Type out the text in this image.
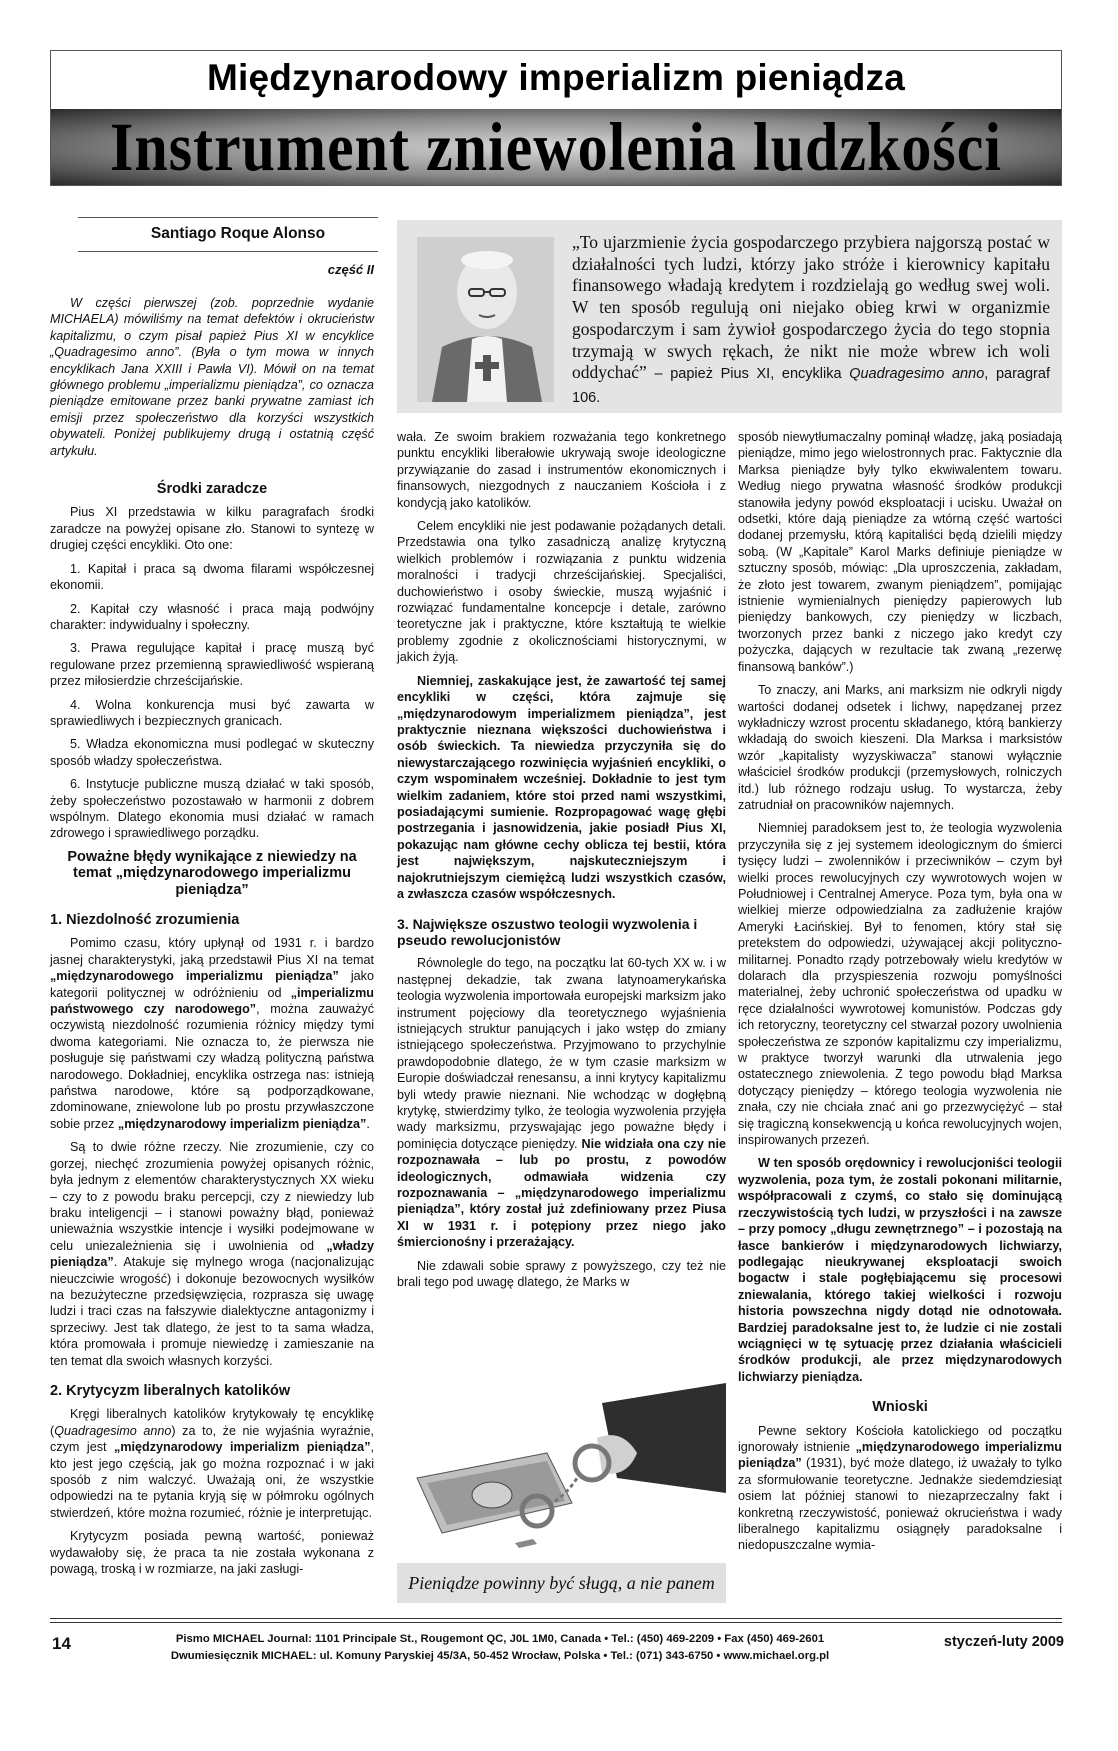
Międzynarodowy imperializm pieniądza
Instrument zniewolenia ludzkości
Santiago Roque Alonso
część II

W części pierwszej (zob. poprzednie wydanie MICHAELA) mówiliśmy na temat defektów i okrucieństw kapitalizmu, o czym pisał papież Pius XI w encyklice „Quadragesimo anno”. (Była o tym mowa w innych encyklikach Jana XXIII i Pawła VI). Mówił on na temat głównego problemu „imperializmu pieniądza”, co oznacza pieniądze emitowane przez banki prywatne zamiast ich emisji przez społeczeństwo dla korzyści wszystkich obywateli. Poniżej publikujemy drugą i ostatnią część artykułu.

Środki zaradcze

Pius XI przedstawia w kilku paragrafach środki zaradcze na powyżej opisane zło. Stanowi to syntezę w drugiej części encykliki. Oto one:

1. Kapitał i praca są dwoma filarami współczesnej ekonomii.

2. Kapitał czy własność i praca mają podwójny charakter: indywidualny i społeczny.

3. Prawa regulujące kapitał i pracę muszą być regulowane przez przemienną sprawiedliwość wspieraną przez miłosierdzie chrześcijańskie.

4. Wolna konkurencja musi być zawarta w sprawiedliwych i bezpiecznych granicach.

5. Władza ekonomiczna musi podlegać w skuteczny sposób władzy społeczeństwa.

6. Instytucje publiczne muszą działać w taki sposób, żeby społeczeństwo pozostawało w harmonii z dobrem wspólnym. Dlatego ekonomia musi działać w ramach zdrowego i sprawiedliwego porządku.

Poważne błędy wynikające z niewiedzy na temat „międzynarodowego imperializmu pieniądza”
1. Niezdolność zrozumienia

Pomimo czasu, który upłynął od 1931 r. i bardzo jasnej charakterystyki, jaką przedstawił Pius XI na temat „międzynarodowego imperializmu pieniądza” jako kategorii politycznej w odróżnieniu od „imperializmu państwowego czy narodowego”, można zauważyć oczywistą niezdolność rozumienia różnicy między tymi dwoma kategoriami. Nie oznacza to, że pierwsza nie posługuje się państwami czy władzą polityczną państwa narodowego. Dokładniej, encyklika ostrzega nas: istnieją państwa narodowe, które są podporządkowane, zdominowane, zniewolone lub po prostu przywłaszczone sobie przez „międzynarodowy imperializm pieniądza”.

Są to dwie różne rzeczy. Nie zrozumienie, czy co gorzej, niechęć zrozumienia powyżej opisanych różnic, była jednym z elementów charakterystycznych XX wieku – czy to z powodu braku percepcji, czy z niewiedzy lub braku inteligencji – i stanowi poważny błąd, ponieważ unieważnia wszystkie intencje i wysiłki podejmowane w celu uniezależnienia się i uwolnienia od „władzy pieniądza”. Atakuje się mylnego wroga (nacjonalizując nieuczciwie wrogość) i dokonuje bezowocnych wysiłków na bezużyteczne przedsięwzięcia, rozprasza się uwagę ludzi i traci czas na fałszywie dialektyczne antagonizmy i sprzeciwy. Jest tak dlatego, że jest to ta sama władza, która promowała i promuje niewiedzę i zamieszanie na ten temat dla swoich własnych korzyści.

2. Krytycyzm liberalnych katolików

Kręgi liberalnych katolików krytykowały tę encyklikę (Quadragesimo anno) za to, że nie wyjaśnia wyraźnie, czym jest „międzynarodowy imperializm pieniądza”, kto jest jego częścią, jak go można rozpoznać i w jaki sposób z nim walczyć. Uważają oni, że wszystkie odpowiedzi na te pytania kryją się w półmroku ogólnych stwierdzeń, które można rozumieć, różnie je interpretując.

Krytycyzm posiada pewną wartość, ponieważ wydawałoby się, że praca ta nie została wykonana z powagą, troską i w rozmiarze, na jaki zasługi-

„To ujarzmienie życia gospodarczego przybiera najgorszą postać w działalności tych ludzi, którzy jako stróże i kierownicy kapitału finansowego władają kredytem i rozdzielają go według swej woli. W ten sposób regulują oni niejako obieg krwi w organizmie gospodarczym i sam żywioł gospodarczego życia do tego stopnia trzymają w swych rękach, że nikt nie może wbrew ich woli oddychać” – papież Pius XI, encyklika Quadragesimo anno, paragraf 106.

wała. Ze swoim brakiem rozważania tego konkretnego punktu encykliki liberałowie ukrywają swoje ideologiczne przywiązanie do zasad i instrumentów ekonomicznych i finansowych, niezgodnych z nauczaniem Kościoła i z kondycją jako katolików.

Celem encykliki nie jest podawanie pożądanych detali. Przedstawia ona tylko zasadniczą analizę krytyczną wielkich problemów i rozwiązania z punktu widzenia moralności i tradycji chrześcijańskiej. Specjaliści, duchowieństwo i osoby świeckie, muszą wyjaśnić i rozwiązać fundamentalne koncepcje i detale, zarówno teoretyczne jak i praktyczne, które kształtują te wielkie problemy zgodnie z okolicznościami historycznymi, w jakich żyją.

Niemniej, zaskakujące jest, że zawartość tej samej encykliki w części, która zajmuje się „międzynarodowym imperializmem pieniądza”, jest praktycznie nieznana większości duchowieństwa i osób świeckich. Ta niewiedza przyczyniła się do niewystarczającego rozwinięcia wyjaśnień encykliki, o czym wspominałem wcześniej. Dokładnie to jest tym wielkim zadaniem, które stoi przed nami wszystkimi, posiadającymi sumienie. Rozpropagować wagę głębi postrzegania i jasnowidzenia, jakie posiadł Pius XI, pokazując nam główne cechy oblicza tej bestii, która jest największym, najskuteczniejszym i najokrutniejszym ciemiężcą ludzi wszystkich czasów, a zwłaszcza czasów współczesnych.

3. Największe oszustwo teologii wyzwolenia i pseudo rewolucjonistów

Równolegle do tego, na początku lat 60-tych XX w. i w następnej dekadzie, tak zwana latynoamerykańska teologia wyzwolenia importowała europejski marksizm jako instrument pojęciowy dla teoretycznego wyjaśnienia istniejących struktur panujących i jako wstęp do zmiany istniejącego społeczeństwa. Przyjmowano to przychylnie prawdopodobnie dlatego, że w tym czasie marksizm w Europie doświadczał renesansu, a inni krytycy kapitalizmu byli wtedy prawie nieznani. Nie wchodząc w dogłębną krytykę, stwierdzimy tylko, że teologia wyzwolenia przyjęła wady marksizmu, przyswajając jego poważne błędy i pominięcia dotyczące pieniędzy. Nie widziała ona czy nie rozpoznawała – lub po prostu, z powodów ideologicznych, odmawiała widzenia czy rozpoznawania – „międzynarodowego imperializmu pieniądza”, który został już zdefiniowany przez Piusa XI w 1931 r. i potępiony przez niego jako śmiercionośny i przerażający.

Nie zdawali sobie sprawy z powyższego, czy też nie brali tego pod uwagę dlatego, że Marks w

Pieniądze powinny być sługą, a nie panem

sposób niewytłumaczalny pominął władzę, jaką posiadają pieniądze, mimo jego wielostronnych prac. Faktycznie dla Marksa pieniądze były tylko ekwiwalentem towaru. Według niego prywatna własność środków produkcji stanowiła jedyny powód eksploatacji i ucisku. Uważał on odsetki, które dają pieniądze za wtórną część wartości dodanej przemysłu, którą kapitaliści będą dzielili między sobą. (W „Kapitale” Karol Marks definiuje pieniądze w sztuczny sposób, mówiąc: „Dla uproszczenia, zakładam, że złoto jest towarem, zwanym pieniądzem”, pomijając istnienie wymienialnych pieniędzy papierowych lub pieniędzy bankowych, czy pieniędzy w liczbach, tworzonych przez banki z niczego jako kredyt czy pożyczka, dających w rezultacie tak zwaną „rezerwę finansową banków”.)

To znaczy, ani Marks, ani marksizm nie odkryli nigdy wartości dodanej odsetek i lichwy, napędzanej przez wykładniczy wzrost procentu składanego, którą bankierzy wkładają do swoich kieszeni. Dla Marksa i marksistów wzór „kapitalisty wyzyskiwacza” stanowi wyłącznie właściciel środków produkcji (przemysłowych, rolniczych itd.) lub różnego rodzaju usług. To wystarcza, żeby zatrudniał on pracowników najemnych.

Niemniej paradoksem jest to, że teologia wyzwolenia przyczyniła się z jej systemem ideologicznym do śmierci tysięcy ludzi – zwolenników i przeciwników – czym był wielki proces rewolucyjnych czy wywrotowych wojen w Południowej i Centralnej Ameryce. Poza tym, była ona w wielkiej mierze odpowiedzialna za zadłużenie krajów Ameryki Łacińskiej. Był to fenomen, który stał się pretekstem do odpowiedzi, używającej akcji polityczno-militarnej. Ponadto rządy potrzebowały wielu kredytów w dolarach dla przyspieszenia rozwoju pomyślności materialnej, żeby uchronić społeczeństwa od upadku w ręce działalności wywrotowej komunistów. Podczas gdy ich retoryczny, teoretyczny cel stwarzał pozory uwolnienia społeczeństwa ze szponów kapitalizmu czy imperializmu, w praktyce tworzył warunki dla utrwalenia jego ostatecznego zniewolenia. Z tego powodu błąd Marksa dotyczący pieniędzy – którego teologia wyzwolenia nie znała, czy nie chciała znać ani go przezwyciężyć – stał się tragiczną konsekwencją u końca rewolucyjnych wojen, inspirowanych przezeń.

W ten sposób orędownicy i rewolucjoniści teologii wyzwolenia, poza tym, że zostali pokonani militarnie, współpracowali z czymś, co stało się dominującą rzeczywistością tych ludzi, w przyszłości i na zawsze – przy pomocy „długu zewnętrznego” – i pozostają na łasce bankierów i międzynarodowych lichwiarzy, podlegając nieukrywanej eksploatacji swoich bogactw i stale pogłębiającemu się procesowi zniewalania, którego takiej wielkości i rozwoju historia powszechna nigdy dotąd nie odnotowała. Bardziej paradoksalne jest to, że ludzie ci nie zostali wciągnięci w tę sytuację przez działania właścicieli środków produkcji, ale przez międzynarodowych lichwiarzy pieniądza.

Wnioski

Pewne sektory Kościoła katolickiego od początku ignorowały istnienie „międzynarodowego imperializmu pieniądza” (1931), być może dlatego, iż uważały to tylko za sformułowanie teoretyczne. Jednakże siedemdziesiąt osiem lat później stanowi to niezaprzeczalny fakt i konkretną rzeczywistość, ponieważ okrucieństwa i wady liberalnego kapitalizmu osiągnęły paradoksalne i niedopuszczalne wymia-

14	Pismo MICHAEL Journal: 1101 Principale St., Rougemont QC, J0L 1M0, Canada • Tel.: (450) 469-2209 • Fax (450) 469-2601
Dwumiesięcznik MICHAEL: ul. Komuny Paryskiej 45/3A, 50-452 Wrocław, Polska • Tel.: (071) 343-6750 • www.michael.org.pl
styczeń-luty 2009
